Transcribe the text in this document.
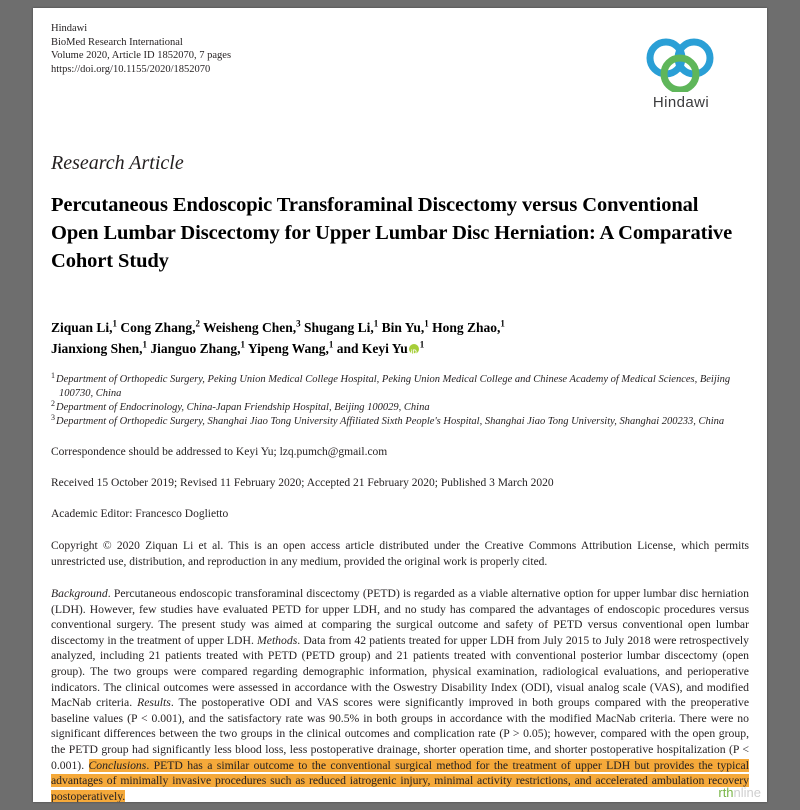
Hindawi
BioMed Research International
Volume 2020, Article ID 1852070, 7 pages
https://doi.org/10.1155/2020/1852070
Hindawi
Research Article
Percutaneous Endoscopic Transforaminal Discectomy versus Conventional Open Lumbar Discectomy for Upper Lumbar Disc Herniation: A Comparative Cohort Study
Ziquan Li,$^1$ Cong Zhang,$^2$ Weisheng Chen,$^3$ Shugang Li,$^1$ Bin Yu,$^1$ Hong Zhao,$^1$
Jianxiong Shen,$^1$ Jianguo Zhang,$^1$ Yipeng Wang,$^1$ and Keyi Yu iD $^1$
$^1$Department of Orthopedic Surgery, Peking Union Medical College Hospital, Peking Union Medical College and Chinese Academy of Medical Sciences, Beijing 100730, China
$^2$Department of Endocrinology, China-Japan Friendship Hospital, Beijing 100029, China
$^3$Department of Orthopedic Surgery, Shanghai Jiao Tong University Affiliated Sixth People's Hospital, Shanghai Jiao Tong University, Shanghai 200233, China
Correspondence should be addressed to Keyi Yu; lzq.pumch@gmail.com
Received 15 October 2019; Revised 11 February 2020; Accepted 21 February 2020; Published 3 March 2020
Academic Editor: Francesco Doglietto
Copyright © 2020 Ziquan Li et al. This is an open access article distributed under the Creative Commons Attribution License, which permits unrestricted use, distribution, and reproduction in any medium, provided the original work is properly cited.
Background. Percutaneous endoscopic transforaminal discectomy (PETD) is regarded as a viable alternative option for upper lumbar disc herniation (LDH). However, few studies have evaluated PETD for upper LDH, and no study has compared the advantages of endoscopic procedures versus conventional surgery. The present study was aimed at comparing the surgical outcome and safety of PETD versus conventional open lumbar discectomy in the treatment of upper LDH. Methods. Data from 42 patients treated for upper LDH from July 2015 to July 2018 were retrospectively analyzed, including 21 patients treated with PETD (PETD group) and 21 patients treated with conventional posterior lumbar discectomy (open group). The two groups were compared regarding demographic information, physical examination, radiological evaluations, and perioperative indicators. The clinical outcomes were assessed in accordance with the Oswestry Disability Index (ODI), visual analog scale (VAS), and modified MacNab criteria. Results. The postoperative ODI and VAS scores were significantly improved in both groups compared with the preoperative baseline values (P < 0.001), and the satisfactory rate was 90.5% in both groups in accordance with the modified MacNab criteria. There were no significant differences between the two groups in the clinical outcomes and complication rate (P > 0.05); however, compared with the open group, the PETD group had significantly less blood loss, less postoperative drainage, shorter operation time, and shorter postoperative hospitalization (P < 0.001). Conclusions. PETD has a similar outcome to the conventional surgical method for the treatment of upper LDH but provides the typical advantages of minimally invasive procedures such as reduced iatrogenic injury, minimal activity restrictions, and accelerated ambulation recovery postoperatively.	rthnline
